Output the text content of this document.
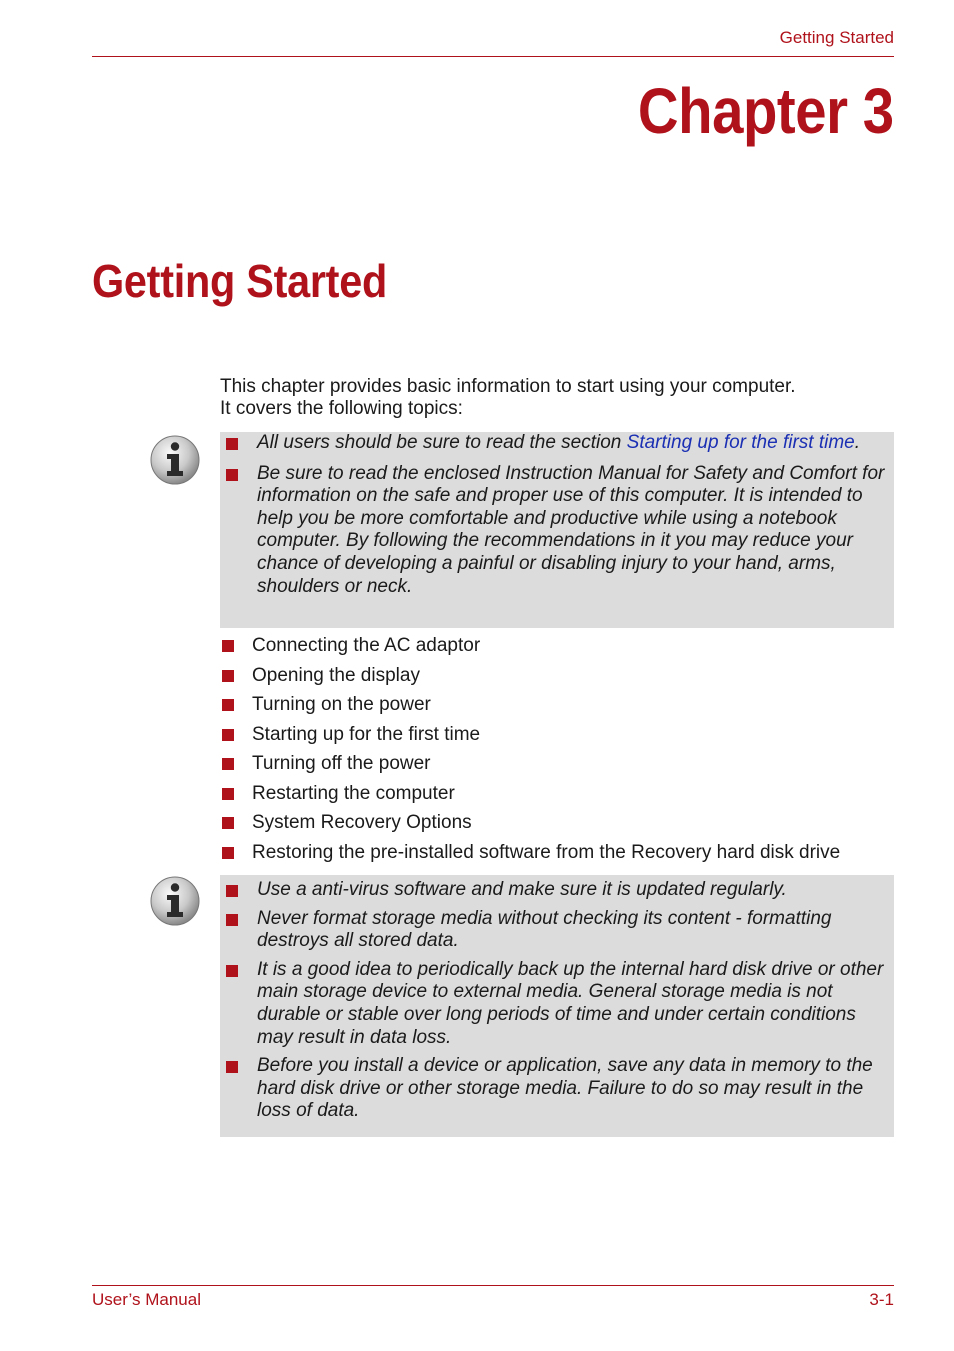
Getting Started
Chapter 3
Getting Started

This chapter provides basic information to start using your computer.

It covers the following topics:

All users should be sure to read the section Starting up for the first time.
Be sure to read the enclosed Instruction Manual for Safety and Comfort for information on the safe and proper use of this computer. It is intended to help you be more comfortable and productive while using a notebook computer. By following the recommendations in it you may reduce your chance of developing a painful or disabling injury to your hand, arms, shoulders or neck.
Connecting the AC adaptor
Opening the display
Turning on the power
Starting up for the first time
Turning off the power
Restarting the computer
System Recovery Options
Restoring the pre-installed software from the Recovery hard disk drive
Use a anti-virus software and make sure it is updated regularly.
Never format storage media without checking its content - formatting destroys all stored data.
It is a good idea to periodically back up the internal hard disk drive or other main storage device to external media. General storage media is not durable or stable over long periods of time and under certain conditions may result in data loss.
Before you install a device or application, save any data in memory to the hard disk drive or other storage media. Failure to do so may result in the loss of data.
User’s Manual	3-1
